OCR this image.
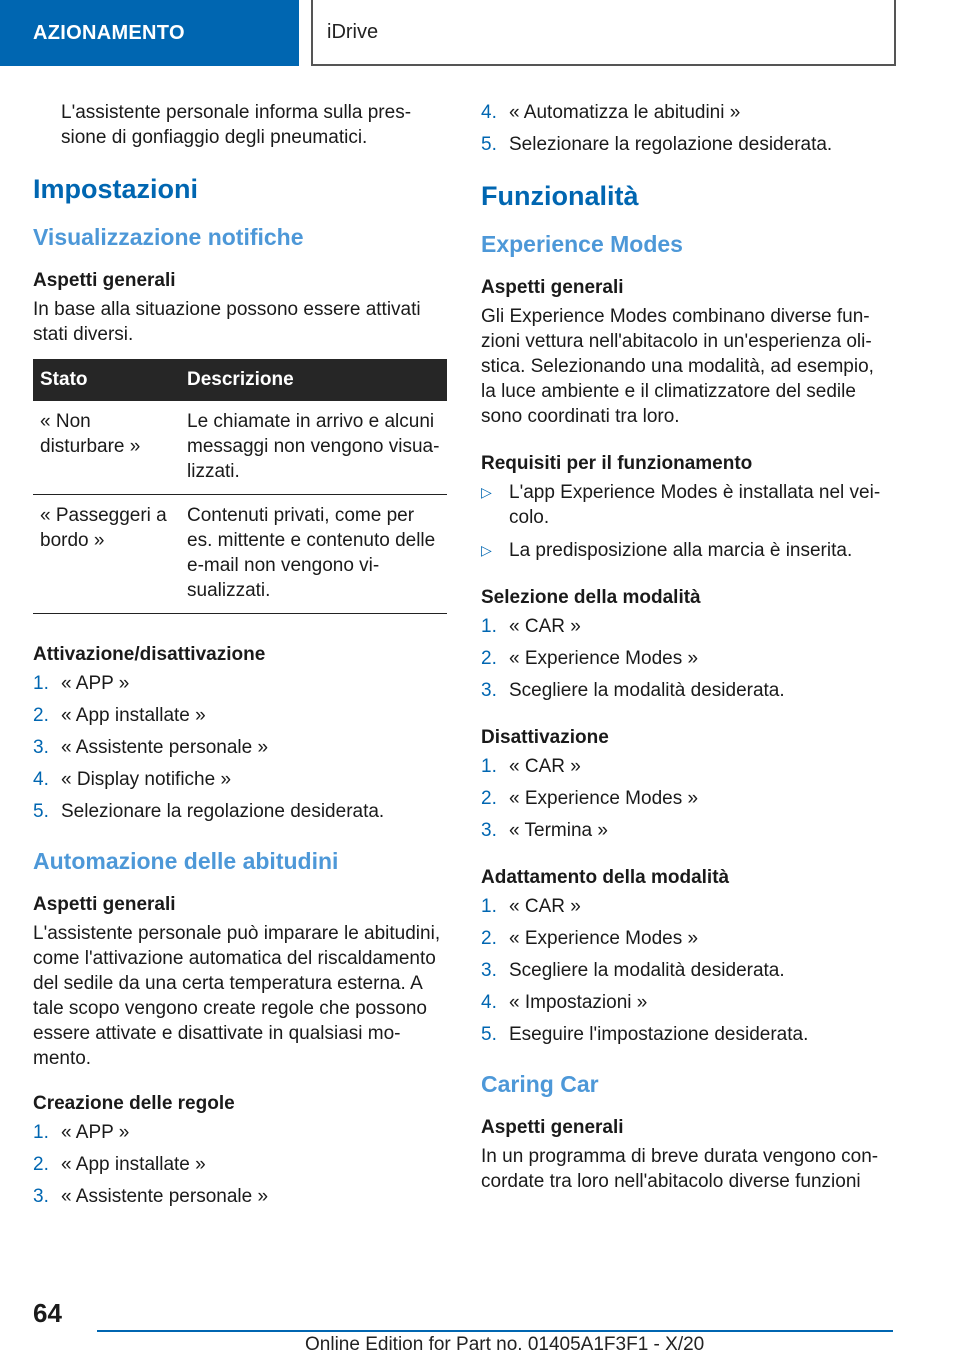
AZIONAMENTO	iDrive

L'assistente personale informa sulla pres- sione di gonfiaggio degli pneumatici.

Impostazioni
Visualizzazione notifiche
Aspetti generali

In base alla situazione possono essere attivati stati diversi.

Stato	Descrizione
« Non disturbare »	Le chiamate in arrivo e alcuni messaggi non vengono visua- lizzati.
« Passeggeri a bordo »	Contenuti privati, come per es. mittente e contenuto delle e-mail non vengono vi- sualizzati.
Attivazione/disattivazione
1. « APP »
2. « App installate »
3. « Assistente personale »
4. « Display notifiche »
5. Selezionare la regolazione desiderata.
Automazione delle abitudini
Aspetti generali

L'assistente personale può imparare le abitudini, come l'attivazione automatica del riscaldamento del sedile da una certa temperatura esterna. A tale scopo vengono create regole che possono essere attivate e disattivate in qualsiasi mo- mento.

Creazione delle regole
1. « APP »
2. « App installate »
3. « Assistente personale »
4. « Automatizza le abitudini »
5. Selezionare la regolazione desiderata.
Funzionalità
Experience Modes
Aspetti generali

Gli Experience Modes combinano diverse fun- zioni vettura nell'abitacolo in un'esperienza oli- stica. Selezionando una modalità, ad esempio, la luce ambiente e il climatizzatore del sedile sono coordinati tra loro.

Requisiti per il funzionamento
▷ L'app Experience Modes è installata nel vei- colo.
▷ La predisposizione alla marcia è inserita.
Selezione della modalità
1. « CAR »
2. « Experience Modes »
3. Scegliere la modalità desiderata.
Disattivazione
1. « CAR »
2. « Experience Modes »
3. « Termina »
Adattamento della modalità
1. « CAR »
2. « Experience Modes »
3. Scegliere la modalità desiderata.
4. « Impostazioni »
5. Eseguire l'impostazione desiderata.
Caring Car
Aspetti generali

In un programma di breve durata vengono con- cordate tra loro nell'abitacolo diverse funzioni

64
Online Edition for Part no. 01405A1F3F1 - X/20
